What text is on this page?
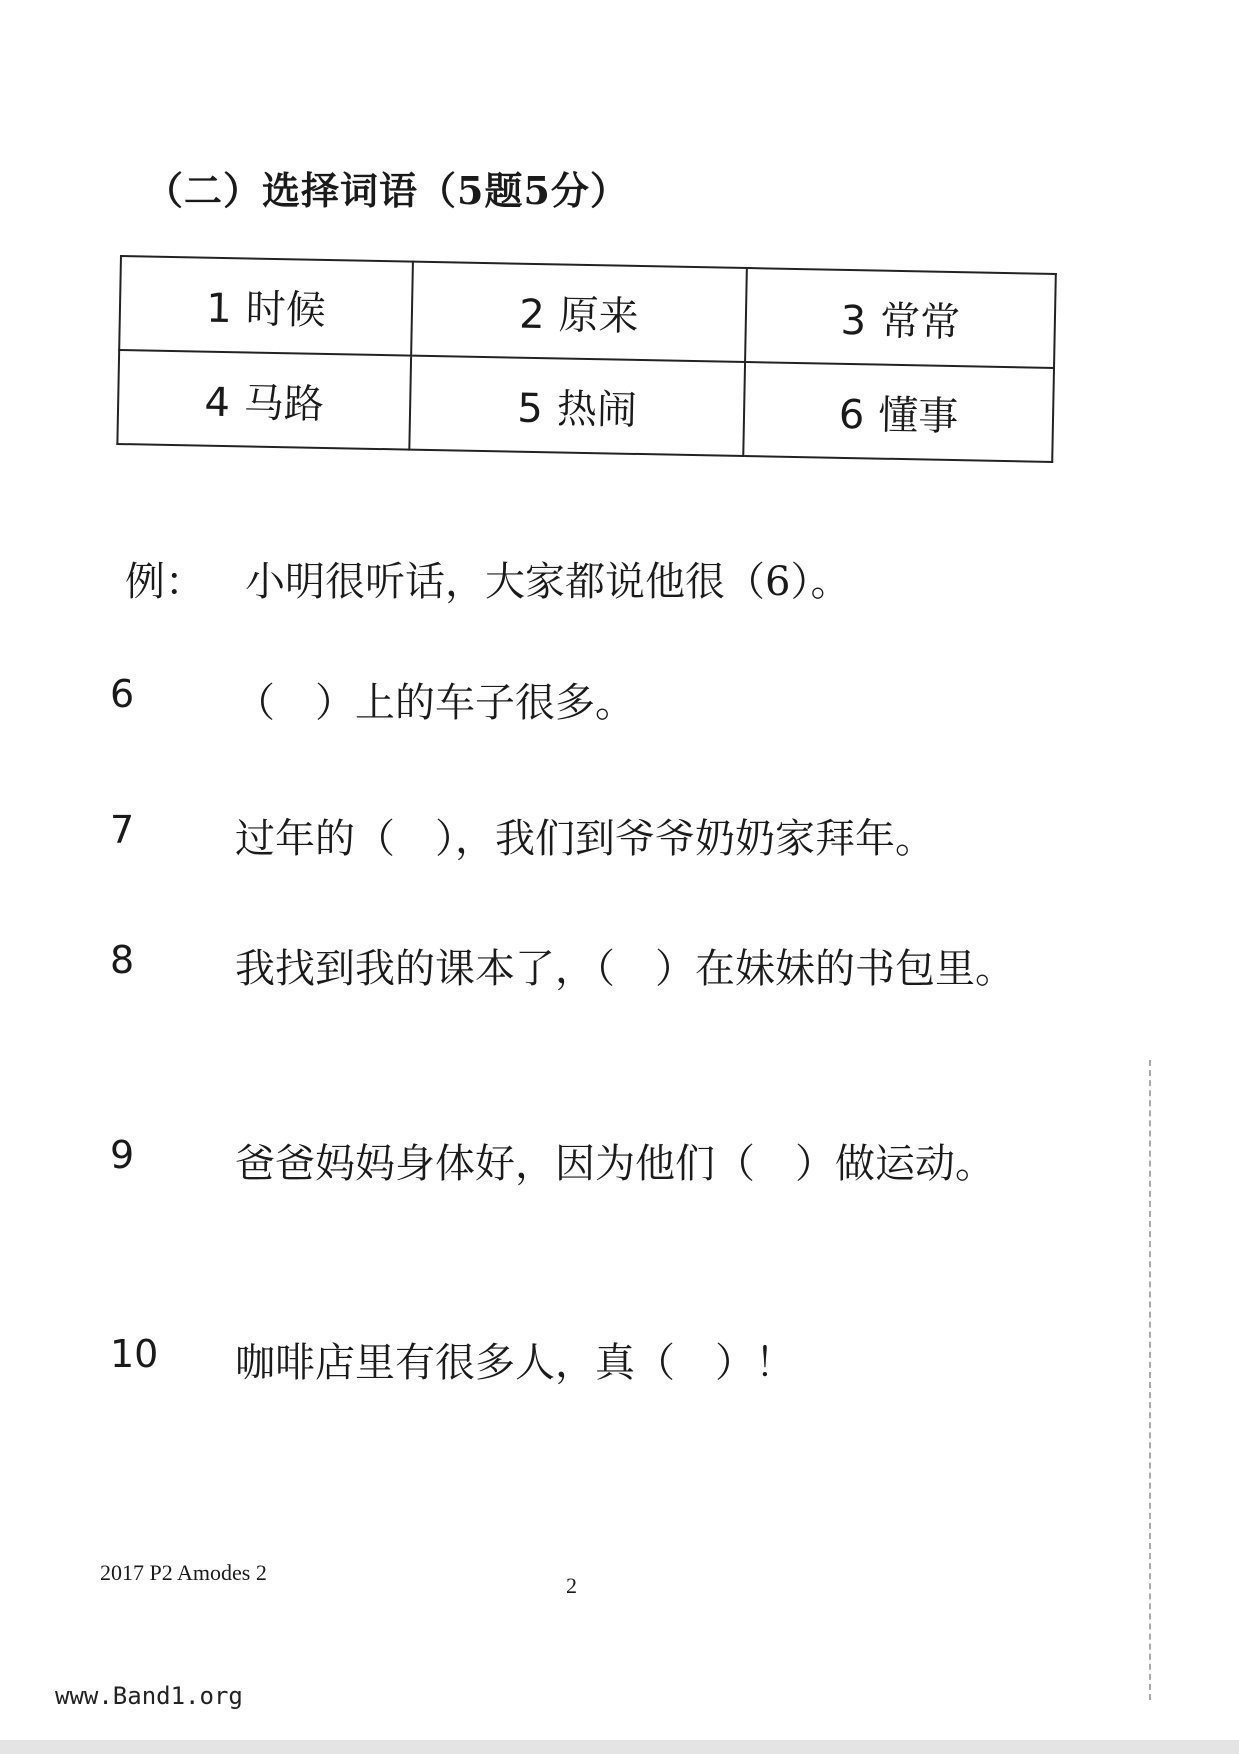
（二）选择词语（5题5分）
1 时候	2 原来	3 常常
4 马路	5 热闹	6 懂事
例： 小明很听话，大家都说他很（6）。
6	（　）上的车子很多。
7	过年的（　），我们到爷爷奶奶家拜年。
8	我找到我的课本了，（　）在妹妹的书包里。
9	爸爸妈妈身体好，因为他们（　）做运动。
10 咖啡店里有很多人，真（　）！
2017 P2 Amodes 2
2
www.Band1.org
